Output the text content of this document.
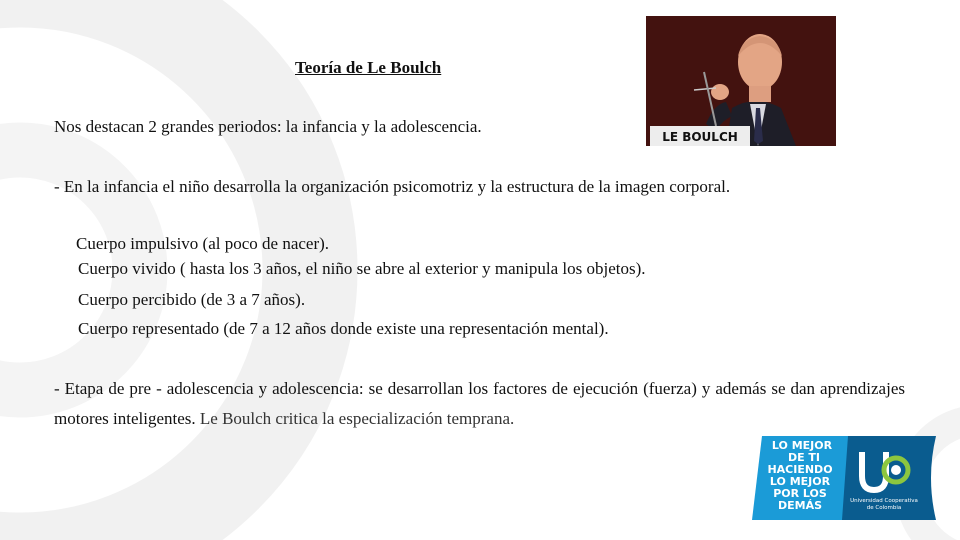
Teoría de Le Boulch
Nos destacan 2 grandes periodos: la infancia y la adolescencia.
- En la infancia el niño desarrolla la organización psicomotriz y la estructura de la imagen corporal.
Cuerpo impulsivo (al poco de nacer).
Cuerpo vivido ( hasta los 3 años, el niño se abre al exterior y manipula los objetos).
Cuerpo percibido (de 3 a 7 años).
Cuerpo representado (de 7 a 12 años donde existe una representación mental).
- Etapa de pre - adolescencia y adolescencia: se desarrollan los factores de ejecución (fuerza) y además se dan aprendizajes motores inteligentes. Le Boulch critica la especialización temprana.
LE BOULCH
LO MEJOR
DE TI
HACIENDO
LO MEJOR
POR LOS
DEMÁS	Universidad Cooperativa
de Colombia
